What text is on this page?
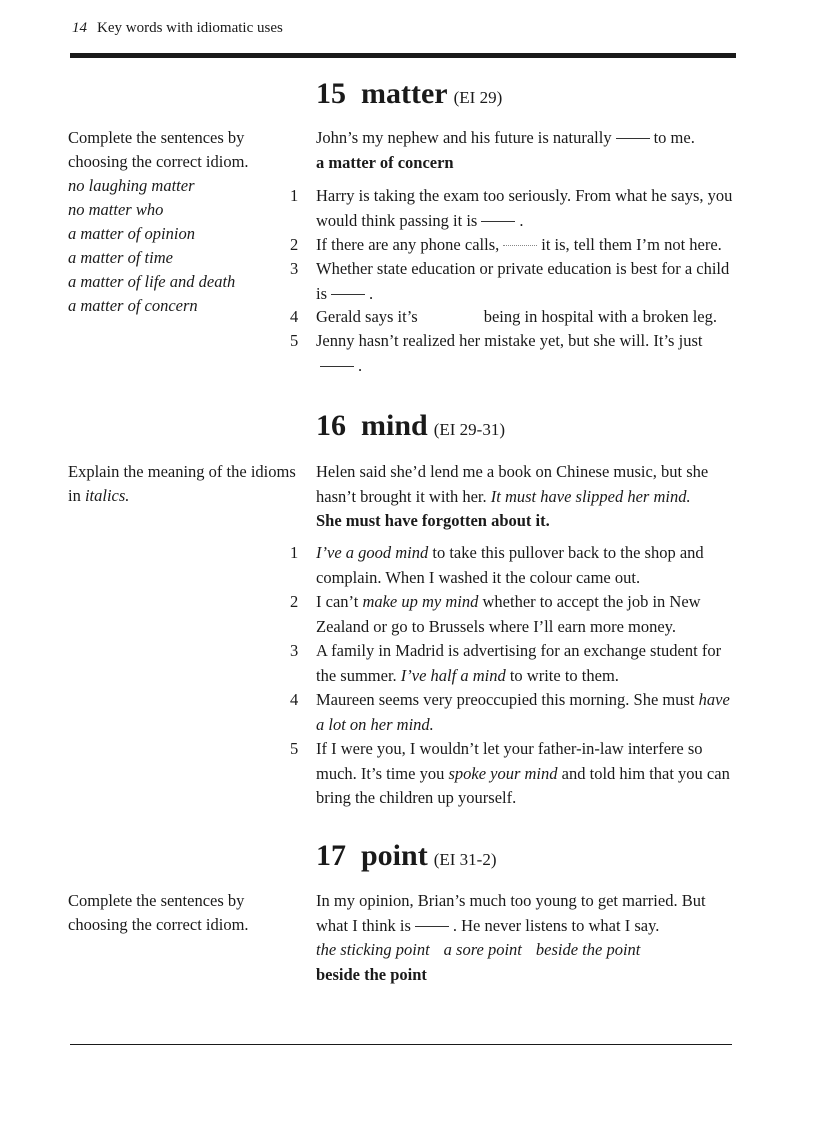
14 Key words with idiomatic uses
15 matter (EI 29)
Complete the sentences by choosing the correct idiom.
no laughing matter
no matter who
a matter of opinion
a matter of time
a matter of life and death
a matter of concern
John’s my nephew and his future is naturally	to me.
a matter of concern
1	Harry is taking the exam too seriously. From what he says, you would think passing it is	.
2	If there are any phone calls,	it is, tell them I’m not here.
3	Whether state education or private education is best for a child is	.
4	Gerald says it’s	being in hospital with a broken leg.
5	Jenny hasn’t realized her mistake yet, but she will. It’s just.
16 mind (EI 29-31)
Explain the meaning of the idioms in italics.
Helen said she’d lend me a book on Chinese music, but she hasn’t brought it with her. It must have slipped her mind.
She must have forgotten about it.
1	I’ve a good mind to take this pullover back to the shop and complain. When I washed it the colour came out.
2	I can’t make up my mind whether to accept the job in New Zealand or go to Brussels where I’ll earn more money.
3	A family in Madrid is advertising for an exchange student for the summer. I’ve half a mind to write to them.
4	Maureen seems very preoccupied this morning. She must have a lot on her mind.
5	If I were you, I wouldn’t let your father-in-law interfere so much. It’s time you spoke your mind and told him that you can bring the children up yourself.
17 point (EI 31-2)
Complete the sentences by choosing the correct idiom.
In my opinion, Brian’s much too young to get married. But what I think is	. He never listens to what I say.
the sticking point a sore point beside the point
beside the point
